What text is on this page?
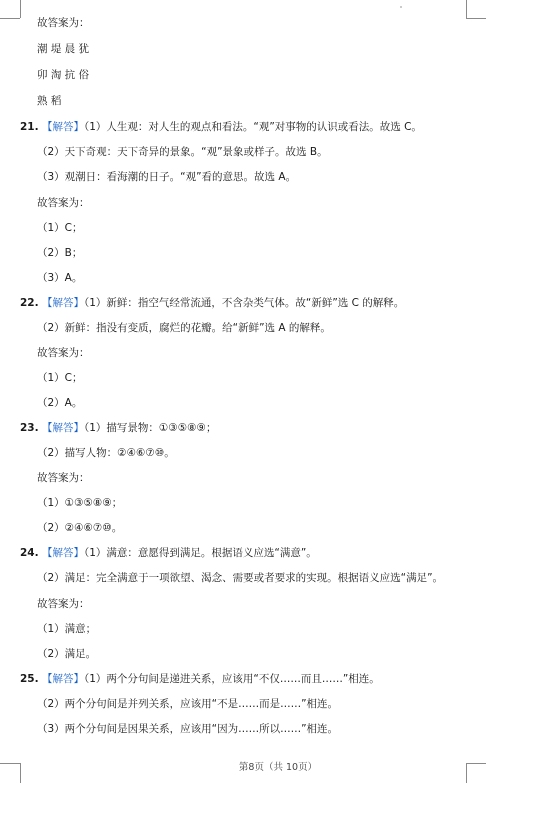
故答案为：
潮 堤 晨 犹
卯 淘 抗 俗
熟 稻
21. 【解答】（1）人生观：对人生的观点和看法。“观”对事物的认识或看法。故选 C。
（2）天下奇观：天下奇异的景象。“观”景象或样子。故选 B。
（3）观潮日：看海潮的日子。“观”看的意思。故选 A。
故答案为：
（1）C；
（2）B；
（3）A。
22. 【解答】（1）新鲜：指空气经常流通，不含杂类气体。故“新鲜”选 C 的解释。
（2）新鲜：指没有变质，腐烂的花瓣。给“新鲜”选 A 的解释。
故答案为：
（1）C；
（2）A。
23. 【解答】（1）描写景物：①③⑤⑧⑨；
（2）描写人物：②④⑥⑦⑩。
故答案为：
（1）①③⑤⑧⑨；
（2）②④⑥⑦⑩。
24. 【解答】（1）满意：意愿得到满足。根据语义应选“满意”。
（2）满足：完全满意于一项欲望、渴念、需要或者要求的实现。根据语义应选“满足”。
故答案为：
（1）满意；
（2）满足。
25. 【解答】（1）两个分句间是递进关系，应该用“不仅……而且……”相连。
（2）两个分句间是并列关系，应该用“不是……而是……”相连。
（3）两个分句间是因果关系，应该用“因为……所以……”相连。
第8页（共 10页）
